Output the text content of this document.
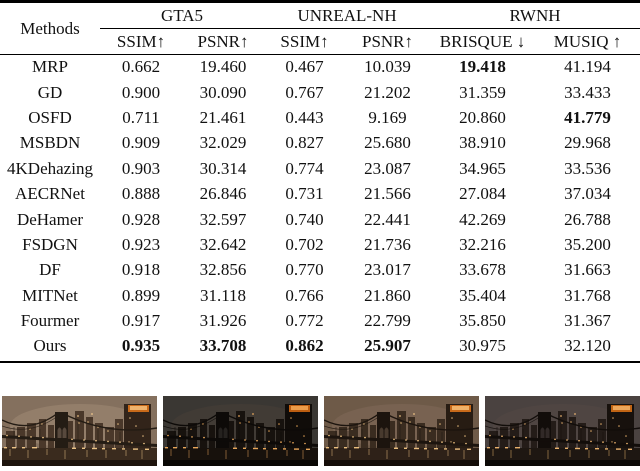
Methods	GTA5		UNREAL-NH		RWNH	
	SSIM↑	PSNR↑	SSIM↑	PSNR↑	BRISQUE ↓	MUSIQ ↑
MRP	0.662	19.460	0.467	10.039	19.418	41.194
GD	0.900	30.090	0.767	21.202	31.359	33.433
OSFD	0.711	21.461	0.443	9.169	20.860	41.779
MSBDN	0.909	32.029	0.827	25.680	38.910	29.968
4KDehazing	0.903	30.314	0.774	23.087	34.965	33.536
AECRNet	0.888	26.846	0.731	21.566	27.084	37.034
DeHamer	0.928	32.597	0.740	22.441	42.269	26.788
FSDGN	0.923	32.642	0.702	21.736	32.216	35.200
DF	0.918	32.856	0.770	23.017	33.678	31.663
MITNet	0.899	31.118	0.766	21.860	35.404	31.768
Fourmer	0.917	31.926	0.772	22.799	35.850	31.367
Ours	0.935	33.708	0.862	25.907	30.975	32.120
